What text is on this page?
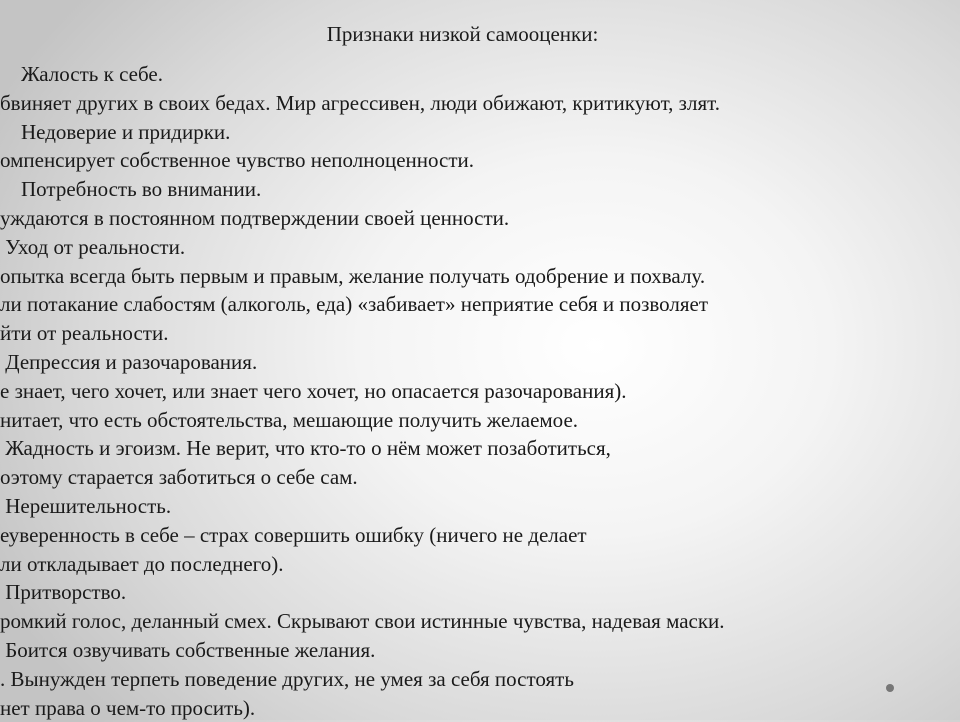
Признаки низкой самооценки:
Жалость к себе.
бвиняет других в своих бедах. Мир агрессивен, люди обижают, критикуют, злят.
Недоверие и придирки.
омпенсирует собственное чувство неполноценности.
Потребность во внимании.
уждаются в постоянном подтверждении своей ценности.
Уход от реальности.
опытка всегда быть первым и правым, желание получать одобрение и похвалу.
ли потакание слабостям (алкоголь, еда) «забивает» неприятие себя и позволяет
йти от реальности.
Депрессия и разочарования.
е знает, чего хочет, или знает чего хочет, но опасается разочарования).
нитает, что есть обстоятельства, мешающие получить желаемое.
Жадность и эгоизм. Не верит, что кто-то о нём может позаботиться,
оэтому старается заботиться о себе сам.
Нерешительность.
еуверенность в себе – страх совершить ошибку (ничего не делает
ли откладывает до последнего).
Притворство.
ромкий голос, деланный смех. Скрывают свои истинные чувства, надевая маски.
Боится озвучивать собственные желания.
. Вынужден терпеть поведение других, не умея за себя постоять
нет права о чем-то просить).
